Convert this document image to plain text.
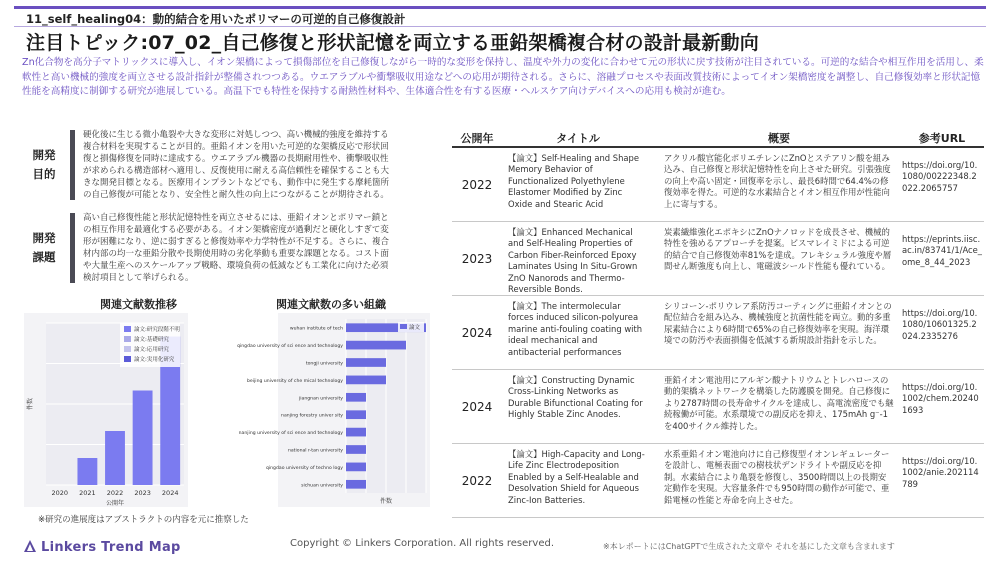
11_self_healing04：動的結合を用いたポリマーの可逆的自己修復設計
注目トピック:07_02_自己修復と形状記憶を両立する亜鉛架橋複合材の設計最新動向
Zn化合物を高分子マトリックスに導入し、イオン架橋によって損傷部位を自己修復しながら一時的な変形を保持し、温度や外力の変化に合わせて元の形状に戻す技術が注目されている。可逆的な結合や相互作用を活用し、柔軟性と高い機械的強度を両立させる設計指針が整備されつつある。ウエアラブルや衝撃吸収用途などへの応用が期待される。さらに、溶融プロセスや表面改質技術によってイオン架橋密度を調整し、自己修復効率と形状記憶性能を高精度に制御する研究が進展している。高温下でも特性を保持する耐熱性材料や、生体適合性を有する医療・ヘルスケア向けデバイスへの応用も検討が進む。
開発
目的
硬化後に生じる微小亀裂や大きな変形に対処しつつ、高い機械的強度を維持する複合材料を実現することが目的。亜鉛イオンを用いた可逆的な架橋反応で形状回復と損傷修復を同時に達成する。ウエアラブル機器の長期耐用性や、衝撃吸収性が求められる構造部材へ適用し、反復使用に耐える高信頼性を確保することも大きな開発目標となる。医療用インプラントなどでも、動作中に発生する摩耗箇所の自己修復が可能となり、安全性と耐久性の向上につながることが期待される。
開発
課題
高い自己修復性能と形状記憶特性を両立させるには、亜鉛イオンとポリマー鎖との相互作用を最適化する必要がある。イオン架橋密度が過剰だと硬化しすぎて変形が困難になり、逆に弱すぎると修復効率や力学特性が不足する。さらに、複合材内部の均一な亜鉛分散や長期使用時の劣化挙動も重要な課題となる。コスト面や大量生産へのスケールアップ戦略、環境負荷の低減なども工業化に向けた必須検討項目として挙げられる。
関連文献数推移	関連文献数の多い組織
2020 2021 2022 2023 2024
公開年
件数
論文:研究段階不明
論文:基礎研究
論文:応用研究
論文:実用化研究
wuhan institute of tech
qingdao university of sci ence and technology
tongji university
beijing university of che mical technology
jiangnan university
nanjing forestry univer sity
nanjing university of sci ence and technology
national r-tan university
qingdao university of techno logy
sichuan university
件数
論文
※研究の進展度はアブストラクトの内容を元に推察した
公開年	タイトル	概要	参考URL
2022
【論文】Self-Healing and Shape Memory Behavior of Functionalized Polyethylene Elastomer Modified by Zinc Oxide and Stearic Acid
アクリル酸官能化ポリエチレンにZnOとステアリン酸を組み込み、自己修復と形状記憶特性を向上させた研究。引張強度の向上や高い固定・回復率を示し、最長6時間で64.4%の修復効率を得た。可逆的な水素結合とイオン相互作用が性能向上に寄与する。
https://doi.org/10.1080/00222348.2022.2065757
2023
【論文】Enhanced Mechanical and Self-Healing Properties of Carbon Fiber-Reinforced Epoxy Laminates Using In Situ-Grown ZnO Nanorods and Thermo-Reversible Bonds.
炭素繊維強化エポキシにZnOナノロッドを成長させ、機械的特性を強めるアプローチを提案。ビスマレイミドによる可逆的結合で自己修復効率81%を達成。フレキシュラル強度や層間せん断強度も向上し、電磁波シールド性能も優れている。
https://eprints.iisc.ac.in/83741/1/Ace_ome_8_44_2023
2024
【論文】The intermolecular forces induced silicon-polyurea marine anti-fouling coating with ideal mechanical and antibacterial performances
シリコーン-ポリウレア系防汚コーティングに亜鉛イオンとの配位結合を組み込み、機械強度と抗菌性能を両立。動的多重尿素結合により6時間で65%の自己修復効率を実現。海洋環境での防汚や表面損傷を低減する新規設計指針を示した。
https://doi.org/10.1080/10601325.2024.2335276
2024
【論文】Constructing Dynamic Cross-Linking Networks as Durable Bifunctional Coating for Highly Stable Zinc Anodes.
亜鉛イオン電池用にアルギン酸ナトリウムとトレハロースの動的架橋ネットワークを構築した防護膜を開発。自己修復により2787時間の長寿命サイクルを達成し、高電流密度でも継続稼働が可能。水系環境での副反応を抑え、175mAh g⁻-1を400サイクル維持した。
https://doi.org/10.1002/chem.202401693
2022
【論文】High-Capacity and Long-Life Zinc Electrodeposition Enabled by a Self-Healable and Desolvation Shield for Aqueous Zinc-Ion Batteries.
水系亜鉛イオン電池向けに自己修復型イオンレギュレーターを設計し、電極表面での樹枝状デンドライトや副反応を抑制。水素結合により亀裂を修復し、3500時間以上の長期安定動作を実現。大容量条件でも950時間の動作が可能で、亜鉛電極の性能と寿命を向上させた。
https://doi.org/10.1002/anie.202114789
Linkers Trend Map	Copyright © Linkers Corporation. All rights reserved.	※本レポートにはChatGPTで生成された文章や それを基にした文章も含まれます
